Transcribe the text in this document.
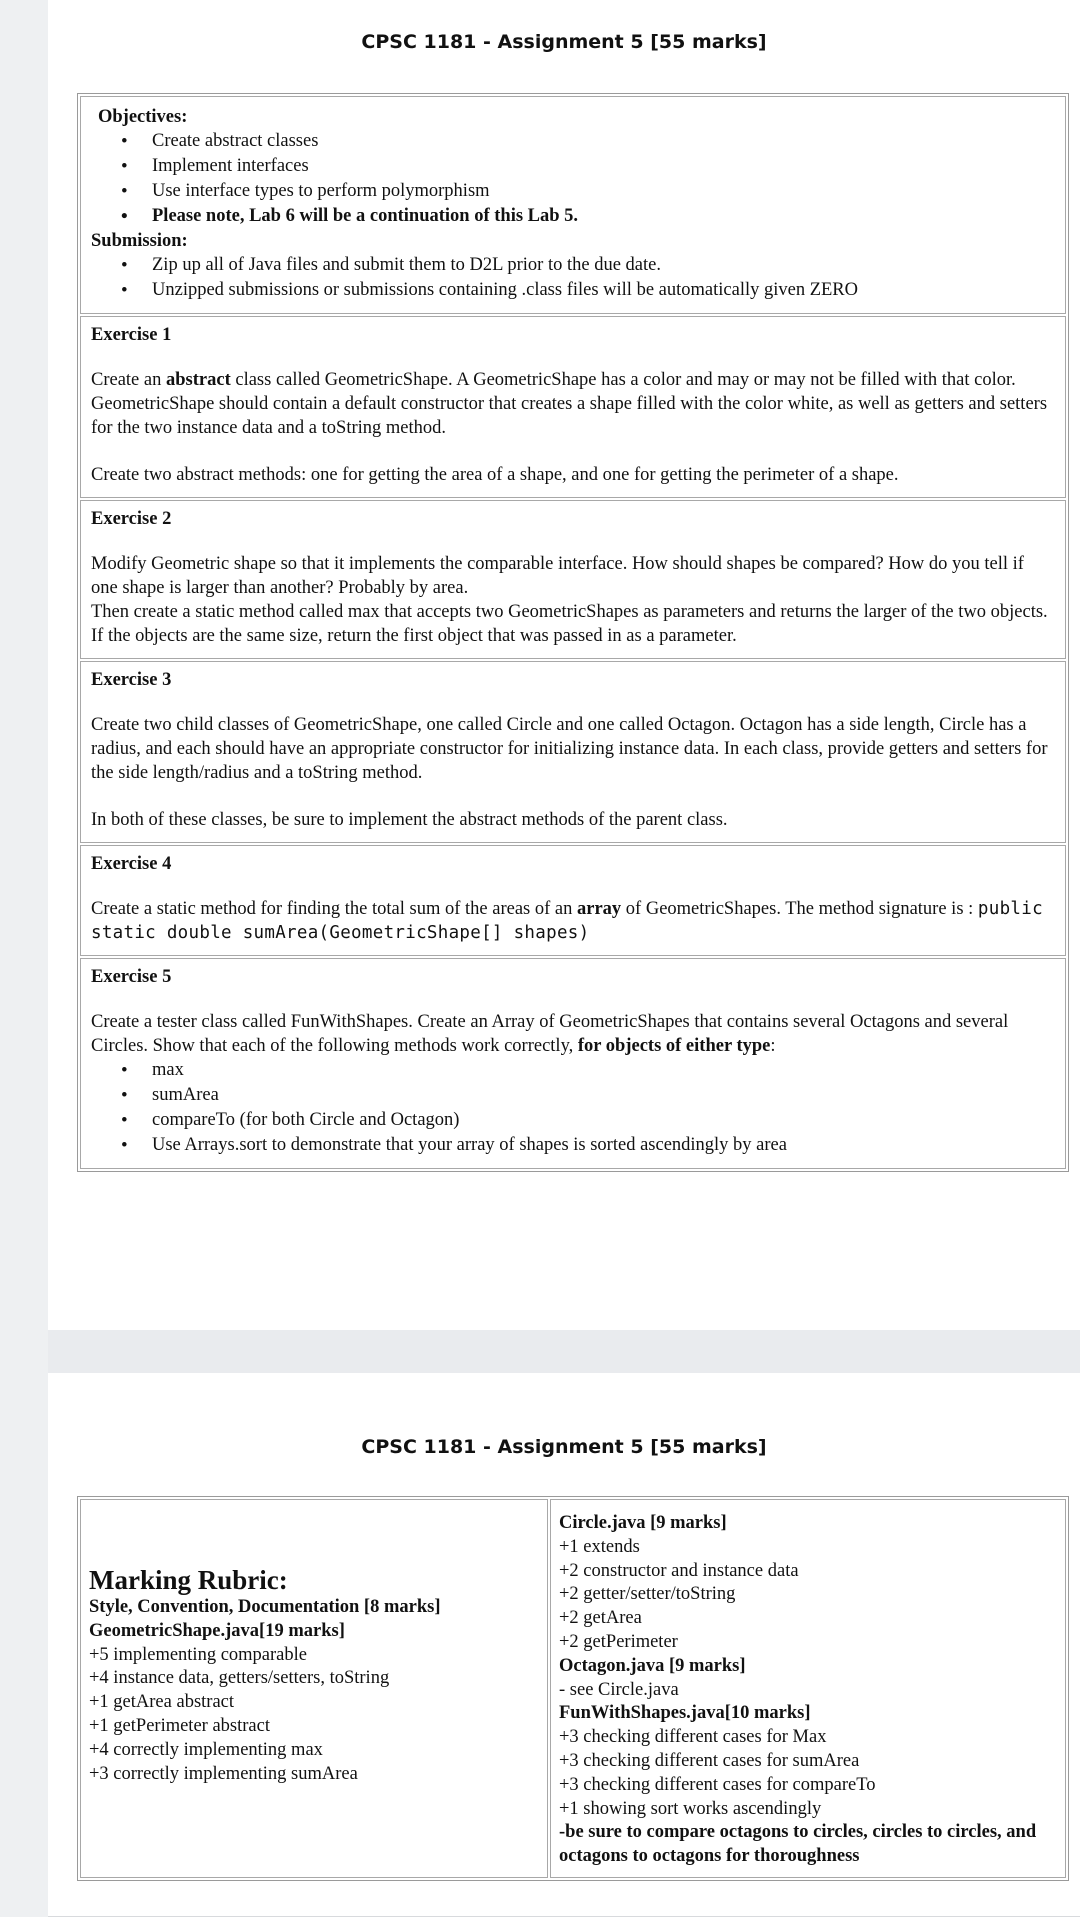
CPSC 1181 - Assignment 5 [55 marks]
Objectives:
• Create abstract classes
• Implement interfaces
• Use interface types to perform polymorphism
• Please note, Lab 6 will be a continuation of this Lab 5.
Submission:
• Zip up all of Java files and submit them to D2L prior to the due date.
• Unzipped submissions or submissions containing .class files will be automatically given ZERO

Exercise 1

Create an abstract class called GeometricShape. A GeometricShape has a color and may or may not be filled with that color. GeometricShape should contain a default constructor that creates a shape filled with the color white, as well as getters and setters for the two instance data and a toString method.

Create two abstract methods: one for getting the area of a shape, and one for getting the perimeter of a shape.

Exercise 2

Modify Geometric shape so that it implements the comparable interface. How should shapes be compared? How do you tell if one shape is larger than another? Probably by area.

Then create a static method called max that accepts two GeometricShapes as parameters and returns the larger of the two objects. If the objects are the same size, return the first object that was passed in as a parameter.

Exercise 3

Create two child classes of GeometricShape, one called Circle and one called Octagon. Octagon has a side length, Circle has a radius, and each should have an appropriate constructor for initializing instance data. In each class, provide getters and setters for the side length/radius and a toString method.

In both of these classes, be sure to implement the abstract methods of the parent class.

Exercise 4

Create a static method for finding the total sum of the areas of an array of GeometricShapes. The method signature is : public static double sumArea(GeometricShape[] shapes)

Exercise 5

Create a tester class called FunWithShapes. Create an Array of GeometricShapes that contains several Octagons and several Circles. Show that each of the following methods work correctly, for objects of either type:

• max
• sumArea
• compareTo (for both Circle and Octagon)
• Use Arrays.sort to demonstrate that your array of shapes is sorted ascendingly by area
CPSC 1181 - Assignment 5 [55 marks]
Marking Rubric:
Style, Convention, Documentation [8 marks]
GeometricShape.java[19 marks]
+5 implementing comparable
+4 instance data, getters/setters, toString
+1 getArea abstract
+1 getPerimeter abstract
+4 correctly implementing max
+3 correctly implementing sumArea
Circle.java [9 marks]
+1 extends
+2 constructor and instance data
+2 getter/setter/toString
+2 getArea
+2 getPerimeter
Octagon.java [9 marks]
- see Circle.java
FunWithShapes.java[10 marks]
+3 checking different cases for Max
+3 checking different cases for sumArea
+3 checking different cases for compareTo
+1 showing sort works ascendingly
-be sure to compare octagons to circles, circles to circles, and octagons to octagons for thoroughness
